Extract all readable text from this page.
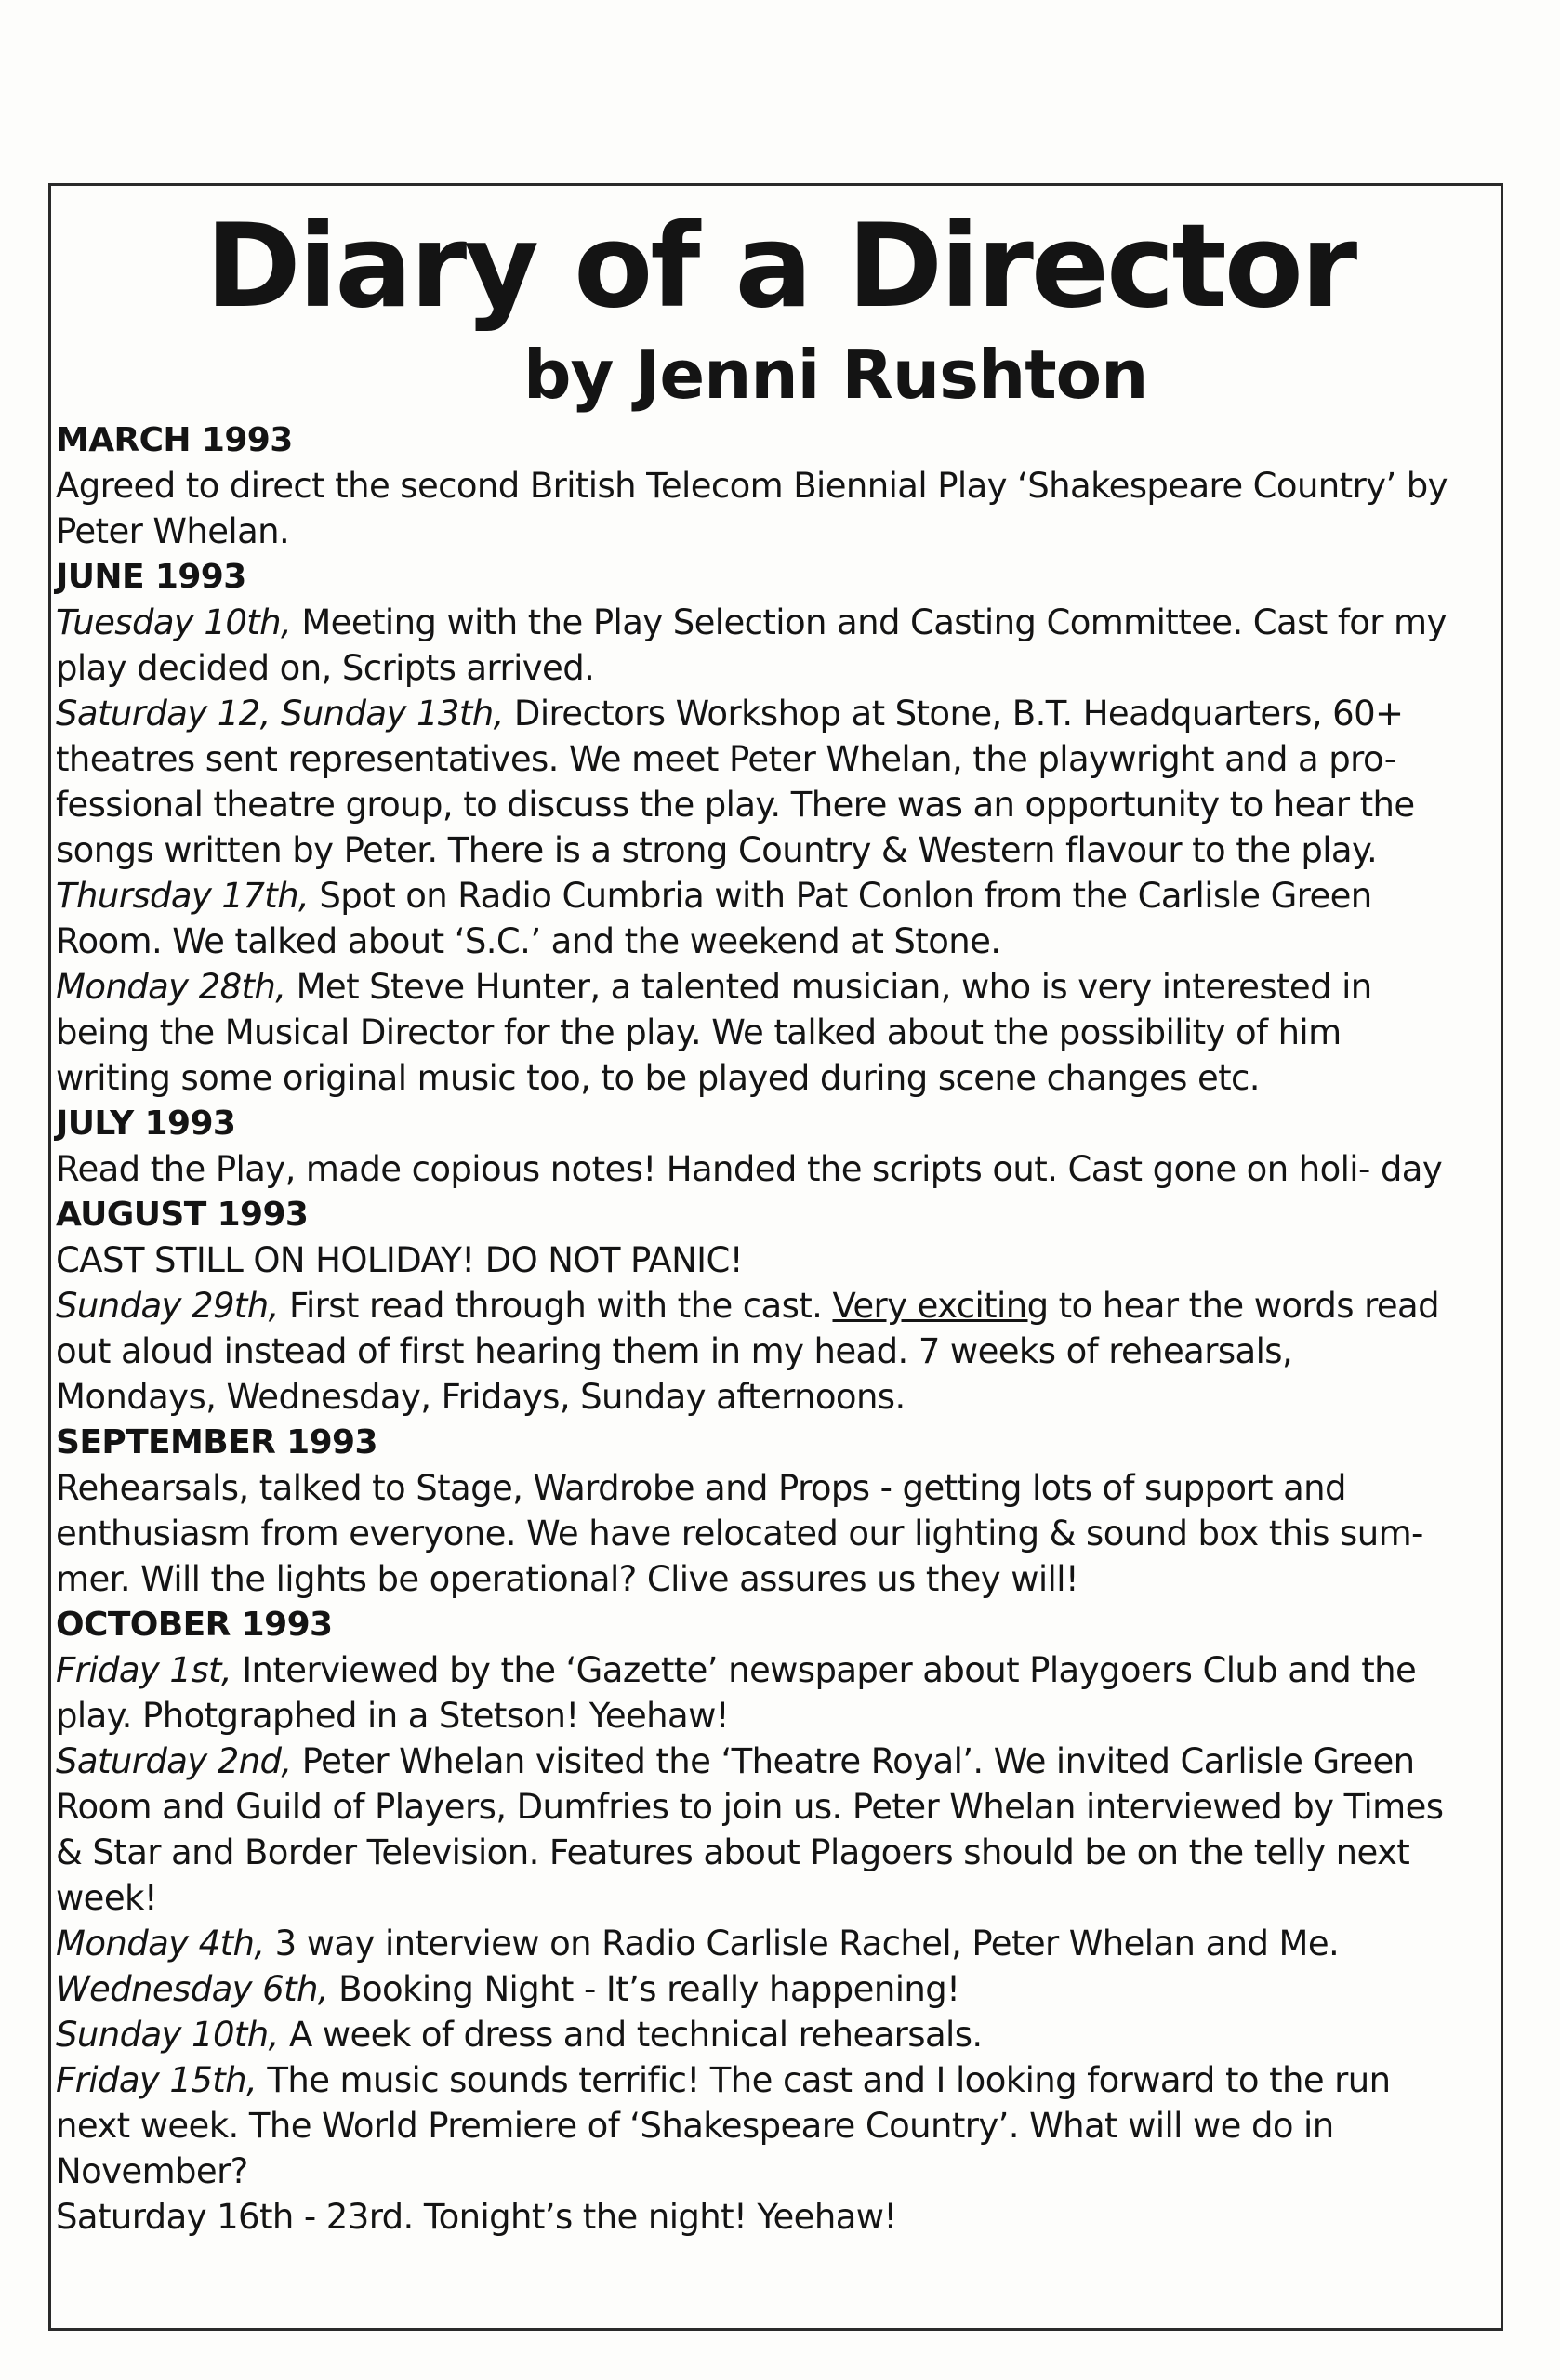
Diary of a Director
by Jenni Rushton

MARCH 1993

Agreed to direct the second British Telecom Biennial Play ‘Shakespeare Country’ by Peter Whelan.

JUNE 1993

Tuesday 10th, Meeting with the Play Selection and Casting Committee. Cast for my play decided on, Scripts arrived.

Saturday 12, Sunday 13th, Directors Workshop at Stone, B.T. Headquarters, 60+ theatres sent representatives. We meet Peter Whelan, the playwright and a pro- fessional theatre group, to discuss the play. There was an opportunity to hear the songs written by Peter. There is a strong Country & Western flavour to the play.

Thursday 17th, Spot on Radio Cumbria with Pat Conlon from the Carlisle Green Room. We talked about ‘S.C.’ and the weekend at Stone.

Monday 28th, Met Steve Hunter, a talented musician, who is very interested in being the Musical Director for the play. We talked about the possibility of him writing some original music too, to be played during scene changes etc.

JULY 1993

Read the Play, made copious notes! Handed the scripts out. Cast gone on holi- day

AUGUST 1993

CAST STILL ON HOLIDAY! DO NOT PANIC!

Sunday 29th, First read through with the cast. Very exciting to hear the words read out aloud instead of first hearing them in my head. 7 weeks of rehearsals, Mondays, Wednesday, Fridays, Sunday afternoons.

SEPTEMBER 1993

Rehearsals, talked to Stage, Wardrobe and Props - getting lots of support and enthusiasm from everyone. We have relocated our lighting & sound box this sum- mer. Will the lights be operational? Clive assures us they will!

OCTOBER 1993

Friday 1st, Interviewed by the ‘Gazette’ newspaper about Playgoers Club and the play. Photgraphed in a Stetson! Yeehaw!

Saturday 2nd, Peter Whelan visited the ‘Theatre Royal’. We invited Carlisle Green Room and Guild of Players, Dumfries to join us. Peter Whelan interviewed by Times & Star and Border Television. Features about Plagoers should be on the telly next week!

Monday 4th, 3 way interview on Radio Carlisle Rachel, Peter Whelan and Me.

Wednesday 6th, Booking Night - It’s really happening!

Sunday 10th, A week of dress and technical rehearsals.

Friday 15th, The music sounds terrific! The cast and I looking forward to the run next week. The World Premiere of ‘Shakespeare Country’. What will we do in November?

Saturday 16th - 23rd. Tonight’s the night! Yeehaw!
